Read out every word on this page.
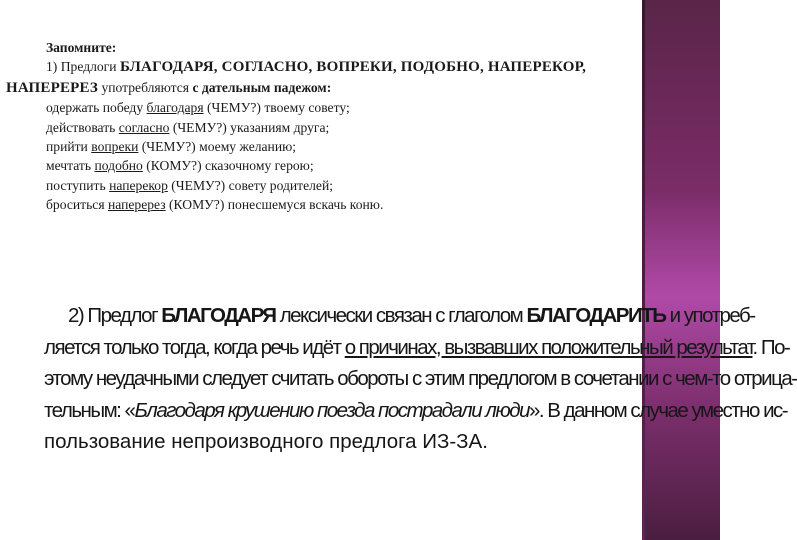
Запомните:
1) Предлоги БЛАГОДАРЯ, СОГЛАСНО, ВОПРЕКИ, ПОДОБНО, НАПЕРЕКОР,
НАПЕРЕРЕЗ употребляются с дательным падежом:
одержать победу благодаря (ЧЕМУ?) твоему совету;
действовать согласно (ЧЕМУ?) указаниям друга;
прийти вопреки (ЧЕМУ?) моему желанию;
мечтать подобно (КОМУ?) сказочному герою;
поступить наперекор (ЧЕМУ?) совету родителей;
броситься наперерез (КОМУ?) понесшемуся вскачь коню.
2) Предлог БЛАГОДАРЯ лексически связан с глаголом БЛАГОДАРИТЬ и употреб-
ляется только тогда, когда речь идёт о причинах, вызвавших положительный результат. По-
этому неудачными следует считать обороты с этим предлогом в сочетании с чем-то отрица-
тельным: «Благодаря крушению поезда пострадали люди». В данном случае уместно ис-
пользование непроизводного предлога ИЗ-ЗА.
